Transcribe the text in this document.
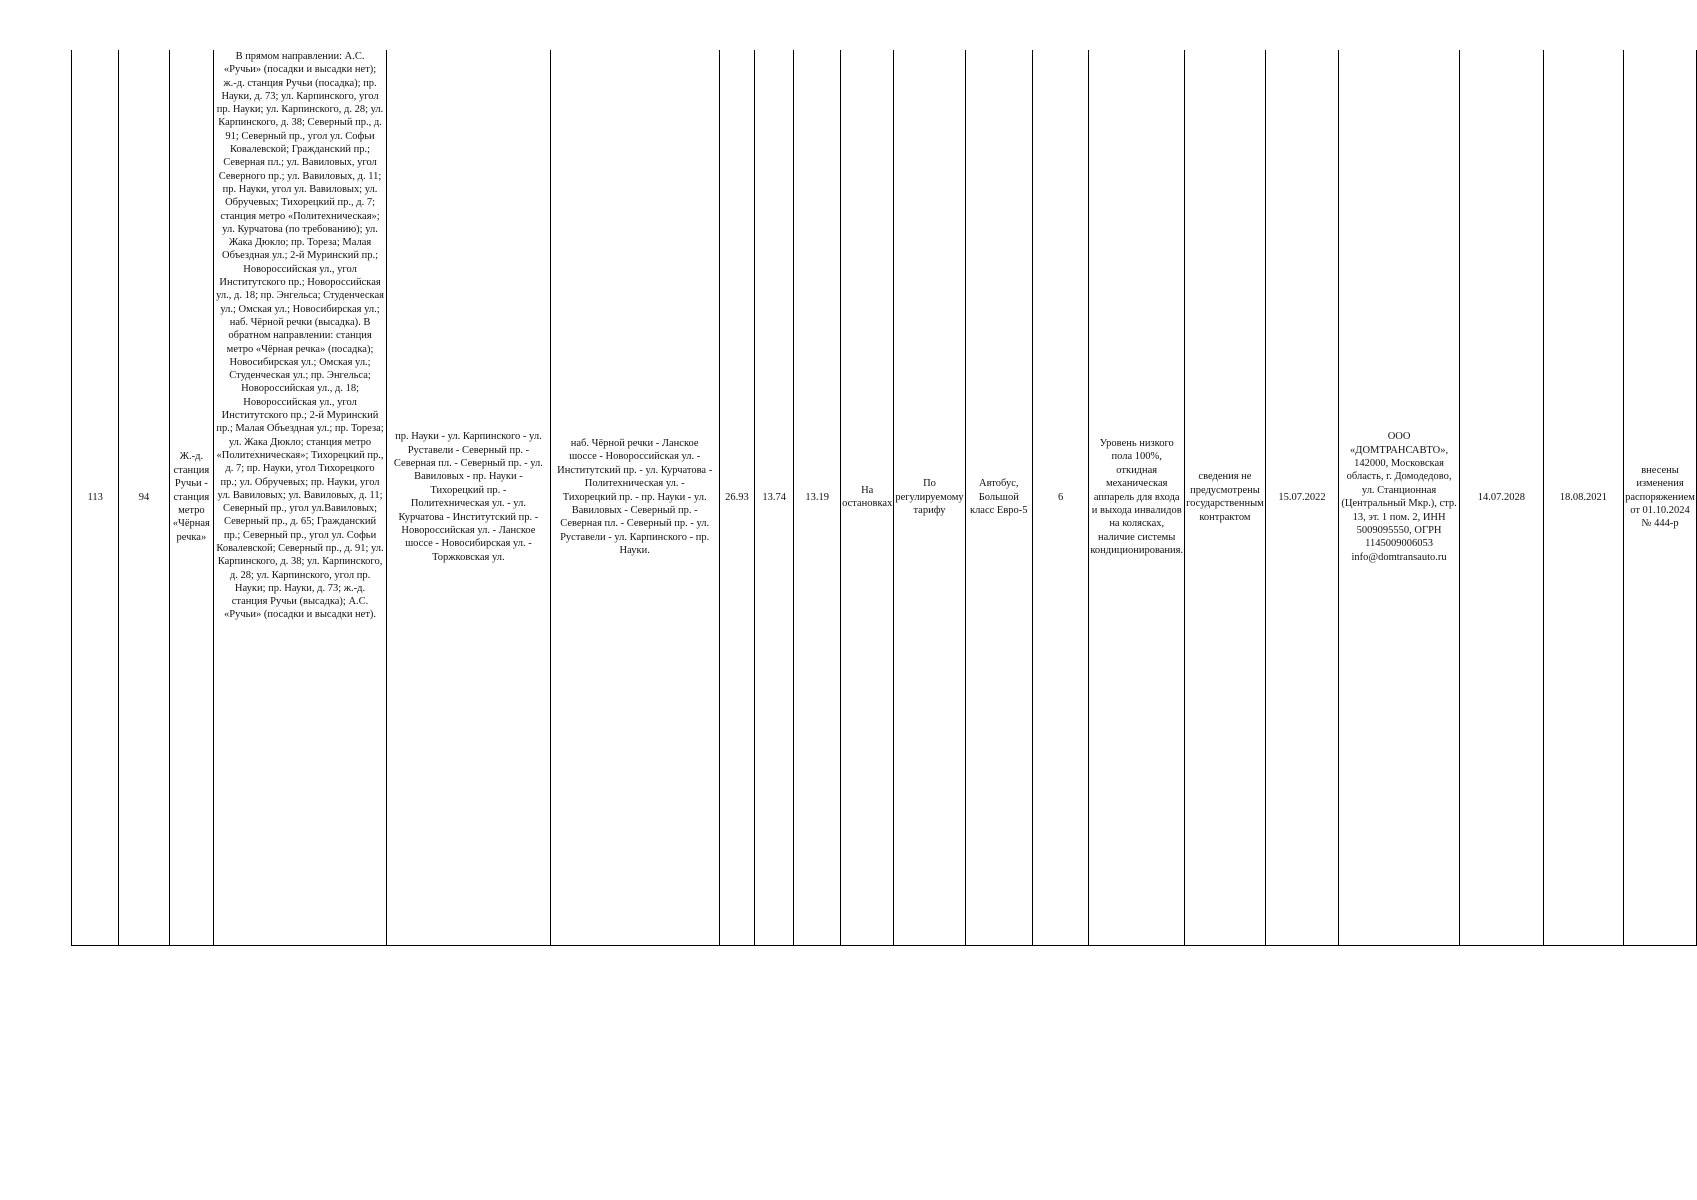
113	94	Ж.-д. станция Ручьи - станция метро «Чёрная речка»	В прямом направлении: А.С. «Ручьи» (посадки и высадки нет); ж.-д. станция Ручьи (посадка); пр. Науки, д. 73; ул. Карпинского, угол пр. Науки; ул. Карпинского, д. 28; ул. Карпинского, д. 38; Северный пр., д. 91; Северный пр., угол ул. Софьи Ковалевской; Гражданский пр.; Северная пл.; ул. Вавиловых, угол Северного пр.; ул. Вавиловых, д. 11; пр. Науки, угол ул. Вавиловых; ул. Обручевых; Тихорецкий пр., д. 7; станция метро «Политехническая»; ул. Курчатова (по требованию); ул. Жака Дюкло; пр. Тореза; Малая Объездная ул.; 2-й Муринский пр.; Новороссийская ул., угол Институтского пр.; Новороссийская ул., д. 18; пр. Энгельса; Студенческая ул.; Омская ул.; Новосибирская ул.; наб. Чёрной речки (высадка). В обратном направлении: станция метро «Чёрная речка» (посадка); Новосибирская ул.; Омская ул.; Студенческая ул.; пр. Энгельса; Новороссийская ул., д. 18; Новороссийская ул., угол Институтского пр.; 2-й Муринский пр.; Малая Объездная ул.; пр. Тореза; ул. Жака Дюкло; станция метро «Политехническая»; Тихорецкий пр., д. 7; пр. Науки, угол Тихорецкого пр.; ул. Обручевых; пр. Науки, угол ул. Вавиловых; ул. Вавиловых, д. 11; Северный пр., угол ул.Вавиловых; Северный пр., д. 65; Гражданский пр.; Северный пр., угол ул. Софьи Ковалевской; Северный пр., д. 91; ул. Карпинского, д. 38; ул. Карпинского, д. 28; ул. Карпинского, угол пр. Науки; пр. Науки, д. 73; ж.-д. станция Ручьи (высадка); А.С. «Ручьи» (посадки и высадки нет).	пр. Науки - ул. Карпинского - ул. Руставели - Северный пр. - Северная пл. - Северный пр. - ул. Вавиловых - пр. Науки - Тихорецкий пр. - Политехническая ул. - ул. Курчатова - Институтский пр. - Новороссийская ул. - Ланское шоссе - Новосибирская ул. - Торжковская ул.	наб. Чёрной речки - Ланское шоссе - Новороссийская ул. - Институтский пр. - ул. Курчатова - Политехническая ул. - Тихорецкий пр. - пр. Науки - ул. Вавиловых - Северный пр. - Северная пл. - Северный пр. - ул. Руставели - ул. Карпинского - пр. Науки.	26.93	13.74	13.19	На остановках	По регулируемому тарифу	Автобус, Большой класс Евро-5	6	Уровень низкого пола 100%, откидная механическая аппарель для входа и выхода инвалидов на колясках, наличие системы кондиционирования.	сведения не предусмотрены государственным контрактом	15.07.2022	ООО «ДОМТРАНСАВТО», 142000, Московская область, г. Домодедово, ул. Станционная (Центральный Мкр.), стр. 13, эт. 1 пом. 2, ИНН 5009095550, ОГРН 1145009006053 info@domtransauto.ru	14.07.2028	18.08.2021	внесены изменения распоряжением от 01.10.2024 № 444-р
